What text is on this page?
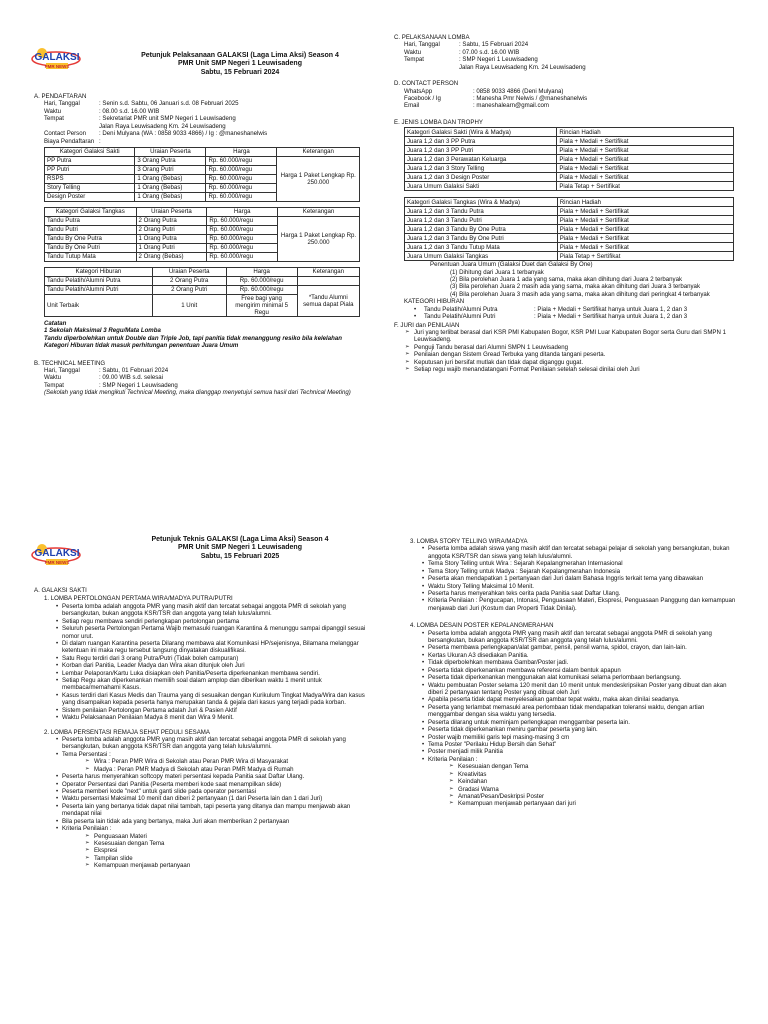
GALAKSI
PMR NEWS
Petunjuk Pelaksanaan GALAKSI (Laga Lima Aksi) Season 4
PMR Unit SMP Negeri 1 Leuwisadeng
Sabtu, 15 Februari 2024
A. PENDAFTARAN
Hari, Tanggal	: Senin s.d. Sabtu, 06 Januari s.d. 08 Februari 2025
Waktu	: 08.00 s.d. 16.00 WIB
Tempat	: Sekretariat PMR unit SMP Negeri 1 Leuwisadeng
Jalan Raya Leuwisadeng Km. 24 Leuwisadeng
Contact Person	: Deni Mulyana (WA : 0858 9033 4866) / Ig : @maneshanelwis
Biaya Pendaftaran :
Kategori Galaksi Sakti	Uraian Peserta	Harga	Keterangan
PP Putra	3 Orang Putra	Rp. 60.000/regu	Harga 1 Paket Lengkap Rp. 250.000
PP Putri	3 Orang Putri	Rp. 60.000/regu	
RSPS	1 Orang (Bebas)	Rp. 60.000/regu	
Story Telling	1 Orang (Bebas)	Rp. 60.000/regu	
Design Poster	1 Orang (Bebas)	Rp. 60.000/regu	
Kategori Galaksi Tangkas	Uraian Peserta	Harga	Keterangan
Tandu Putra	2 Orang Putra	Rp. 60.000/regu	Harga 1 Paket Lengkap Rp. 250.000
Tandu Putri	2 Orang Putri	Rp. 60.000/regu	
Tandu By One Putra	1 Orang Putra	Rp. 60.000/regu	
Tandu By One Putri	1 Orang Putri	Rp. 60.000/regu	
Tandu Tutup Mata	2 Orang (Bebas)	Rp. 60.000/regu	
Kategori Hiburan	Uraian Peserta	Harga	Keterangan
Tandu Pelatih/Alumni Putra	2 Orang Putra	Rp. 60.000/regu	
Tandu Pelatih/Alumni Putri	2 Orang Putri	Rp. 60.000/regu	*Tandu Alumni semua dapat Piala
Unit Terbaik	1 Unit	Free bagi yang mengirim minimal 5 Regu	
Catatan
1 Sekolah Maksimal 3 Regu/Mata Lomba
Tandu diperbolehkan untuk Double dan Triple Job, tapi panitia tidak menanggung resiko bila kelelahan
Kategori Hiburan tidak masuk perhitungan penentuan Juara Umum
B. TECHNICAL MEETING
Hari, Tanggal	: Sabtu, 01 Februari 2024
Waktu	: 09.00 WIB s.d. selesai
Tempat	: SMP Negeri 1 Leuwisadeng
(Sekolah yang tidak mengikuti Technical Meeting, maka dianggap menyetujui semua hasil dari Technical Meeting)
C. PELAKSANAAN LOMBA
Hari, Tanggal	: Sabtu, 15 Februari 2024
Waktu	: 07.00 s.d. 16.00 WIB
Tempat	: SMP Negeri 1 Leuwisadeng
Jalan Raya Leuwisadeng Km. 24 Leuwisadeng
D. CONTACT PERSON
WhatsApp	: 0858 9033 4866 (Deni Mulyana)
Facebook / Ig	: Manesha Pmr Nelwis / @maneshanelwis
Email	: maneshalearn@gmail.com
E. JENIS LOMBA DAN TROPHY
Kategori Galaksi Sakti (Wira & Madya)	Rincian Hadiah
Juara 1,2 dan 3 PP Putra	Piala + Medali + Sertifikat
Juara 1,2 dan 3 PP Putri	Piala + Medali + Sertifikat
Juara 1,2 dan 3 Perawatan Keluarga	Piala + Medali + Sertifikat
Juara 1,2 dan 3 Story Telling	Piala + Medali + Sertifikat
Juara 1,2 dan 3 Design Poster	Piala + Medali + Sertifikat
Juara Umum Galaksi Sakti	Piala Tetap + Sertifikat
Kategori Galaksi Tangkas (Wira & Madya)	Rincian Hadiah
Juara 1,2 dan 3 Tandu Putra	Piala + Medali + Sertifikat
Juara 1,2 dan 3 Tandu Putri	Piala + Medali + Sertifikat
Juara 1,2 dan 3 Tandu By One Putra	Piala + Medali + Sertifikat
Juara 1,2 dan 3 Tandu By One Putri	Piala + Medali + Sertifikat
Juara 1,2 dan 3 Tandu Tutup Mata	Piala + Medali + Sertifikat
Juara Umum Galaksi Tangkas	Piala Tetap + Sertifikat
Penentuan Juara Umum (Galaksi Duet dan Galaksi By One)
(1) Dihitung dari Juara 1 terbanyak
(2) Bila perolehan Juara 1 ada yang sama, maka akan dihitung dari Juara 2 terbanyak
(3) Bila perolehan Juara 2 masih ada yang sama, maka akan dihitung dari Juara 3 terbanyak
(4) Bila perolehan Juara 3 masih ada yang sama, maka akan dihitung dari peringkat 4 terbanyak
KATEGORI HIBURAN
•	Tandu Pelatih/Alumni Putra	: Piala + Medali + Sertifikat hanya untuk Juara 1, 2 dan 3
•	Tandu Pelatih/Alumni Putri	: Piala + Medali + Sertifikat hanya untuk Juara 1, 2 dan 3
F. JURI dan PENILAIAN
➢ Juri yang terlibat berasal dari KSR PMI Kabupaten Bogor, KSR PMI Luar Kabupaten Bogor serta Guru dari SMPN 1 Leuwisadeng.
➢ Penguji Tandu berasal dari Alumni SMPN 1 Leuwisadeng
➢ Penilaian dengan Sistem Gread Terbuka yang ditanda tangani peserta.
➢ Keputusan juri bersifat mutlak dan tidak dapat diganggu gugat.
➢ Setiap regu wajib menandatangani Format Penilaian setelah selesai dinilai oleh Juri
GALAKSI
PMR NEWS
Petunjuk Teknis GALAKSI (Laga Lima Aksi) Season 4
PMR Unit SMP Negeri 1 Leuwisadeng
Sabtu, 15 Februari 2025
A. GALAKSI SAKTI
1. LOMBA PERTOLONGAN PERTAMA WIRA/MADYA PUTRA/PUTRI
• Peserta lomba adalah anggota PMR yang masih aktif dan tercatat sebagai anggota PMR di sekolah yang bersangkutan, bukan anggota KSR/TSR dan anggota yang telah lulus/alumni.
• Setiap regu membawa sendiri perlengkapan pertolongan pertama
• Seluruh peserta Pertolongan Pertama Wajib memasuki ruangan Karantina & menunggu sampai dipanggil sesuai nomor urut.
• Di dalam ruangan Karantina peserta Dilarang membawa alat Komunikasi HP/sejenisnya, Bilamana melanggar ketentuan ini maka regu tersebut langsung dinyatakan diskualifikasi.
• Satu Regu terdiri dari 3 orang Putra/Putri (Tidak boleh campuran)
• Korban dari Panitia, Leader Madya dan Wira akan ditunjuk oleh Juri
• Lembar Pelaporan/Kartu Luka disiapkan oleh Panitia/Peserta diperkenankan membawa sendiri.
• Setiap Regu akan diperkenankan memilih soal dalam amplop dan diberikan waktu 1 menit untuk membaca/memahami Kasus.
• Kasus terdiri dari Kasus Medis dan Trauma yang di sesuaikan dengan Kurikulum Tingkat Madya/Wira dan kasus yang disampaikan kepada peserta hanya merupakan tanda & gejala dari kasus yang terjadi pada korban.
• Sistem penilaian Pertolongan Pertama adalah Juri & Pasien Aktif
• Waktu Pelaksanaan Penilaian Madya 8 menit dan Wira 9 Menit.
2. LOMBA PERSENTASI REMAJA SEHAT PEDULI SESAMA
• Peserta lomba adalah anggota PMR yang masih aktif dan tercatat sebagai anggota PMR di sekolah yang bersangkutan, bukan anggota KSR/TSR dan anggota yang telah lulus/alumni.
• Tema Persentasi :
➢ Wira : Peran PMR Wira di Sekolah atau Peran PMR Wira di Masyarakat
➢ Madya : Peran PMR Madya di Sekolah atau Peran PMR Madya di Rumah
• Peserta harus menyerahkan softcopy materi persentasi kepada Panitia saat Daftar Ulang.
• Operator Persentasi dari Panitia (Peserta memberi kode saat menampilkan slide)
• Peserta memberi kode "next" untuk ganti slide pada operator persentasi
• Waktu persentasi Maksimal 10 menit dan diberi 2 pertanyaan (1 dari Peserta lain dan 1 dari Juri)
• Peserta lain yang bertanya tidak dapat nilai tambah, tapi peserta yang ditanya dan mampu menjawab akan mendapat nilai
• Bila peserta lain tidak ada yang bertanya, maka Juri akan memberikan 2 pertanyaan
• Kriteria Penilaian :
➢ Penguasaan Materi
➢ Kesesuaian dengan Tema
➢ Ekspresi
➢ Tampilan slide
➢ Kemampuan menjawab pertanyaan
3. LOMBA STORY TELLING WIRA/MADYA
• Peserta lomba adalah siswa yang masih aktif dan tercatat sebagai pelajar di sekolah yang bersangkutan, bukan anggota KSR/TSR dan siswa yang telah lulus/alumni.
• Tema Story Telling untuk Wira : Sejarah Kepalangmerahan Internasional
• Tema Story Telling untuk Madya : Sejarah Kepalangmerahan Indonesia
• Peserta akan mendapatkan 1 pertanyaan dari Juri dalam Bahasa Inggris terkait tema yang dibawakan
• Waktu Story Telling Maksimal 10 Menit.
• Peserta harus menyerahkan teks cerita pada Panitia saat Daftar Ulang.
• Kriteria Penilaian : Pengucapan, Intonasi, Penguasaan Materi, Ekspresi, Penguasaan Panggung dan kemampuan menjawab dari Juri (Kostum dan Properti Tidak Dinilai).
4. LOMBA DESAIN POSTER KEPALANGMERAHAN
• Peserta lomba adalah anggota PMR yang masih aktif dan tercatat sebagai anggota PMR di sekolah yang bersangkutan, bukan anggota KSR/TSR dan anggota yang telah lulus/alumni.
• Peserta membawa perlengkapan/alat gambar, pensil, pensil warna, spidol, crayon, dan lain-lain.
• Kertas Ukuran A3 disediakan Panitia.
• Tidak diperbolehkan membawa Gambar/Poster jadi.
• Peserta tidak diperkenankan membawa referensi dalam bentuk apapun
• Peserta tidak diperkenankan menggunakan alat komunikasi selama perlombaan berlangsung.
• Waktu pembuatan Poster selama 120 menit dan 10 menit untuk mendeskripsikan Poster yang dibuat dan akan diberi 2 pertanyaan tentang Poster yang dibuat oleh Juri
• Apabila peserta tidak dapat menyelesaikan gambar tepat waktu, maka akan dinilai seadanya.
• Peserta yang terlambat memasuki area perlombaan tidak mendapatkan toleransi waktu, dengan artian menggambar dengan sisa waktu yang tersedia.
• Peserta dilarang untuk meminjam perlengkapan menggambar peserta lain.
• Peserta tidak diperkenankan meniru gambar peserta yang lain.
• Poster wajib memiliki garis tepi masing-masing 3 cm
• Tema Poster "Perilaku Hidup Bersih dan Sehat"
• Poster menjadi milik Panitia
• Kriteria Penilaian :
➢ Kesesuaian dengan Tema
➢ Kreativitas
➢ Keindahan
➢ Gradasi Warna
➢ Amanat/Pesan/Deskripsi Poster
➢ Kemampuan menjawab pertanyaan dari juri
